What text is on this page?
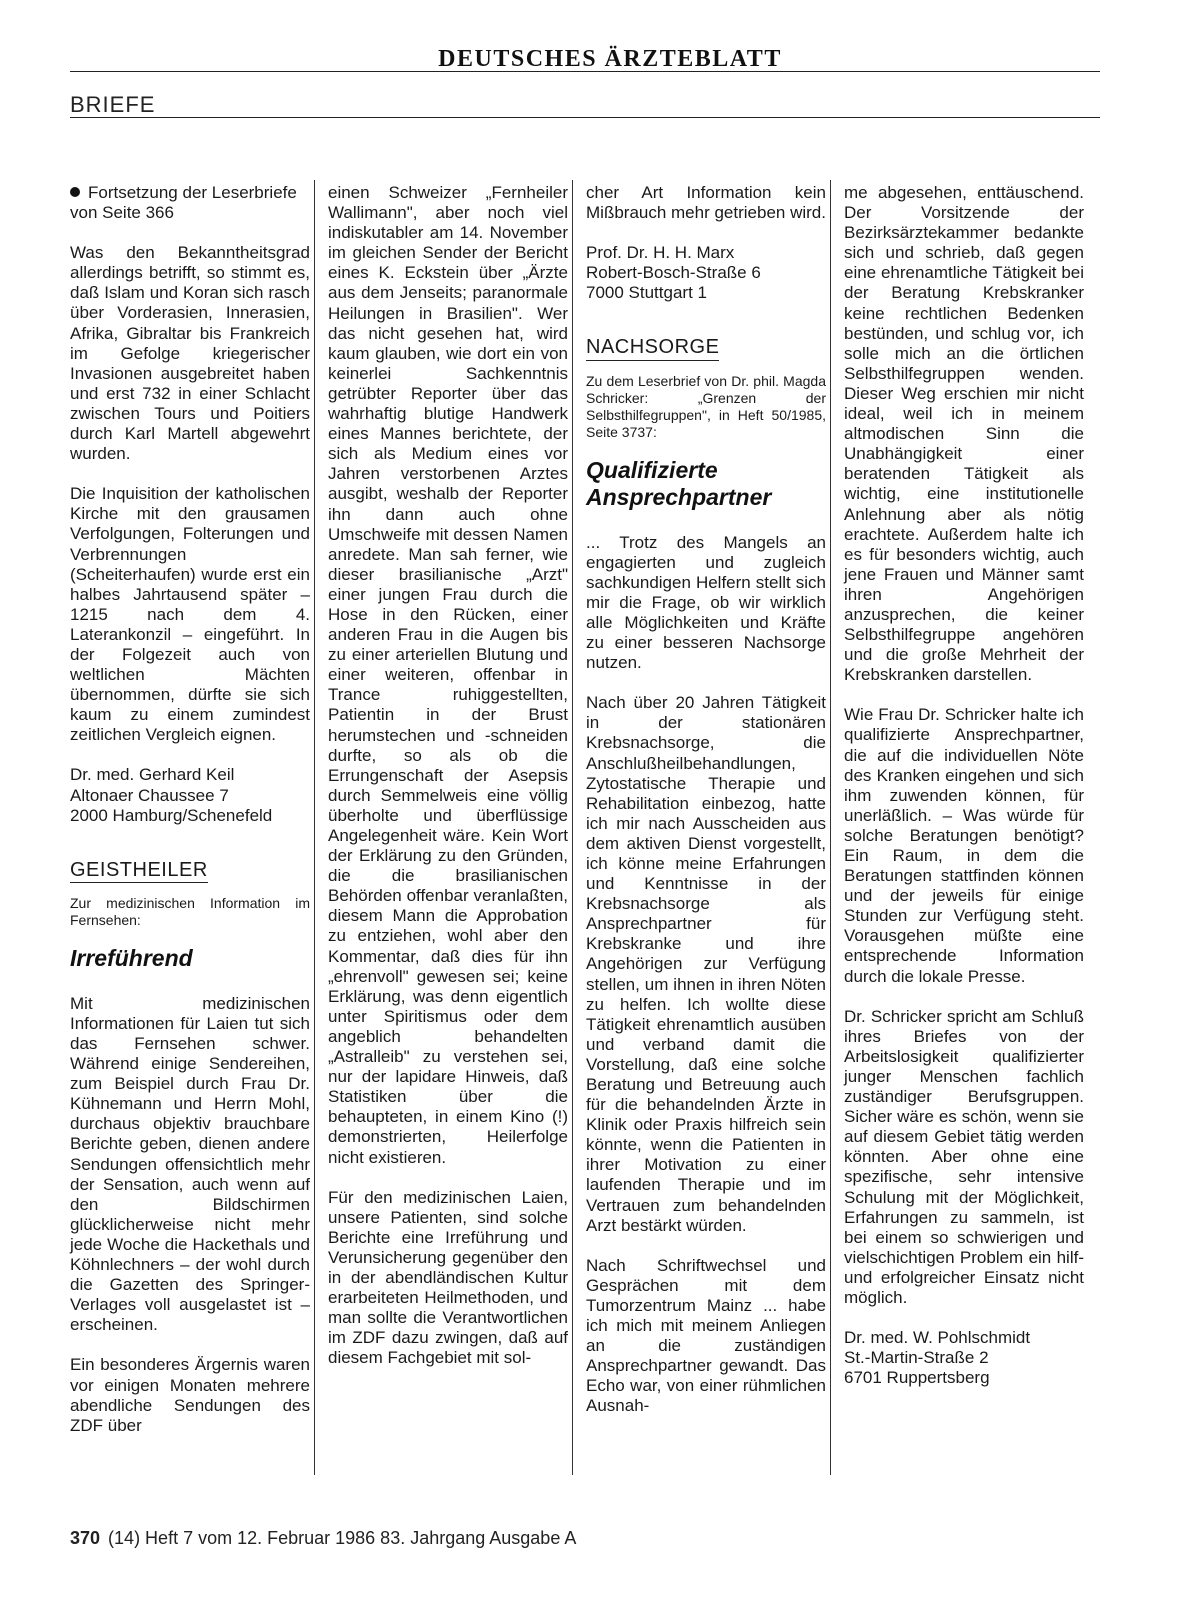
DEUTSCHES ÄRZTEBLATT
BRIEFE

Fortsetzung der Leserbriefe von Seite 366

Was den Bekanntheitsgrad allerdings betrifft, so stimmt es, daß Islam und Koran sich rasch über Vorderasien, Innerasien, Afrika, Gibraltar bis Frankreich im Gefolge kriegerischer Invasionen ausgebreitet haben und erst 732 in einer Schlacht zwischen Tours und Poitiers durch Karl Martell abgewehrt wurden.

Die Inquisition der katholischen Kirche mit den grausamen Verfolgungen, Folterungen und Verbrennungen (Scheiterhaufen) wurde erst ein halbes Jahrtausend später – 1215 nach dem 4. Laterankonzil – eingeführt. In der Folgezeit auch von weltlichen Mächten übernommen, dürfte sie sich kaum zu einem zumindest zeitlichen Vergleich eignen.

Dr. med. Gerhard Keil
Altonaer Chaussee 7
2000 Hamburg/Schenefeld

GEISTHEILER

Zur medizinischen Information im Fernsehen:

Irreführend

Mit medizinischen Informationen für Laien tut sich das Fernsehen schwer. Während einige Sendereihen, zum Beispiel durch Frau Dr. Kühnemann und Herrn Mohl, durchaus objektiv brauchbare Berichte geben, dienen andere Sendungen offensichtlich mehr der Sensation, auch wenn auf den Bildschirmen glücklicherweise nicht mehr jede Woche die Hackethals und Köhnlechners – der wohl durch die Gazetten des Springer-Verlages voll ausgelastet ist – erscheinen.

Ein besonderes Ärgernis waren vor einigen Monaten mehrere abendliche Sendungen des ZDF über

einen Schweizer „Fernheiler Wallimann", aber noch viel indiskutabler am 14. November im gleichen Sender der Bericht eines K. Eckstein über „Ärzte aus dem Jenseits; paranormale Heilungen in Brasilien". Wer das nicht gesehen hat, wird kaum glauben, wie dort ein von keinerlei Sachkenntnis getrübter Reporter über das wahrhaftig blutige Handwerk eines Mannes berichtete, der sich als Medium eines vor Jahren verstorbenen Arztes ausgibt, weshalb der Reporter ihn dann auch ohne Umschweife mit dessen Namen anredete. Man sah ferner, wie dieser brasilianische „Arzt" einer jungen Frau durch die Hose in den Rücken, einer anderen Frau in die Augen bis zu einer arteriellen Blutung und einer weiteren, offenbar in Trance ruhiggestellten, Patientin in der Brust herumstechen und -schneiden durfte, so als ob die Errungenschaft der Asepsis durch Semmelweis eine völlig überholte und überflüssige Angelegenheit wäre. Kein Wort der Erklärung zu den Gründen, die die brasilianischen Behörden offenbar veranlaßten, diesem Mann die Approbation zu entziehen, wohl aber den Kommentar, daß dies für ihn „ehrenvoll" gewesen sei; keine Erklärung, was denn eigentlich unter Spiritismus oder dem angeblich behandelten „Astralleib" zu verstehen sei, nur der lapidare Hinweis, daß Statistiken über die behaupteten, in einem Kino (!) demonstrierten, Heilerfolge nicht existieren.

Für den medizinischen Laien, unsere Patienten, sind solche Berichte eine Irreführung und Verunsicherung gegenüber den in der abendländischen Kultur erarbeiteten Heilmethoden, und man sollte die Verantwortlichen im ZDF dazu zwingen, daß auf diesem Fachgebiet mit sol-

cher Art Information kein Mißbrauch mehr getrieben wird.

Prof. Dr. H. H. Marx
Robert-Bosch-Straße 6
7000 Stuttgart 1

NACHSORGE

Zu dem Leserbrief von Dr. phil. Magda Schricker: „Grenzen der Selbsthilfegruppen", in Heft 50/1985, Seite 3737:

Qualifizierte Ansprechpartner

... Trotz des Mangels an engagierten und zugleich sachkundigen Helfern stellt sich mir die Frage, ob wir wirklich alle Möglichkeiten und Kräfte zu einer besseren Nachsorge nutzen.

Nach über 20 Jahren Tätigkeit in der stationären Krebsnachsorge, die Anschlußheilbehandlungen, Zytostatische Therapie und Rehabilitation einbezog, hatte ich mir nach Ausscheiden aus dem aktiven Dienst vorgestellt, ich könne meine Erfahrungen und Kenntnisse in der Krebsnachsorge als Ansprechpartner für Krebskranke und ihre Angehörigen zur Verfügung stellen, um ihnen in ihren Nöten zu helfen. Ich wollte diese Tätigkeit ehrenamtlich ausüben und verband damit die Vorstellung, daß eine solche Beratung und Betreuung auch für die behandelnden Ärzte in Klinik oder Praxis hilfreich sein könnte, wenn die Patienten in ihrer Motivation zu einer laufenden Therapie und im Vertrauen zum behandelnden Arzt bestärkt würden.

Nach Schriftwechsel und Gesprächen mit dem Tumorzentrum Mainz ... habe ich mich mit meinem Anliegen an die zuständigen Ansprechpartner gewandt. Das Echo war, von einer rühmlichen Ausnah-

me abgesehen, enttäuschend. Der Vorsitzende der Bezirksärztekammer bedankte sich und schrieb, daß gegen eine ehrenamtliche Tätigkeit bei der Beratung Krebskranker keine rechtlichen Bedenken bestünden, und schlug vor, ich solle mich an die örtlichen Selbsthilfegruppen wenden. Dieser Weg erschien mir nicht ideal, weil ich in meinem altmodischen Sinn die Unabhängigkeit einer beratenden Tätigkeit als wichtig, eine institutionelle Anlehnung aber als nötig erachtete. Außerdem halte ich es für besonders wichtig, auch jene Frauen und Männer samt ihren Angehörigen anzusprechen, die keiner Selbsthilfegruppe angehören und die große Mehrheit der Krebskranken darstellen.

Wie Frau Dr. Schricker halte ich qualifizierte Ansprechpartner, die auf die individuellen Nöte des Kranken eingehen und sich ihm zuwenden können, für unerläßlich. – Was würde für solche Beratungen benötigt? Ein Raum, in dem die Beratungen stattfinden können und der jeweils für einige Stunden zur Verfügung steht. Vorausgehen müßte eine entsprechende Information durch die lokale Presse.

Dr. Schricker spricht am Schluß ihres Briefes von der Arbeitslosigkeit qualifizierter junger Menschen fachlich zuständiger Berufsgruppen. Sicher wäre es schön, wenn sie auf diesem Gebiet tätig werden könnten. Aber ohne eine spezifische, sehr intensive Schulung mit der Möglichkeit, Erfahrungen zu sammeln, ist bei einem so schwierigen und vielschichtigen Problem ein hilf- und erfolgreicher Einsatz nicht möglich.

Dr. med. W. Pohlschmidt
St.-Martin-Straße 2
6701 Ruppertsberg

370 (14) Heft 7 vom 12. Februar 1986 83. Jahrgang Ausgabe A
